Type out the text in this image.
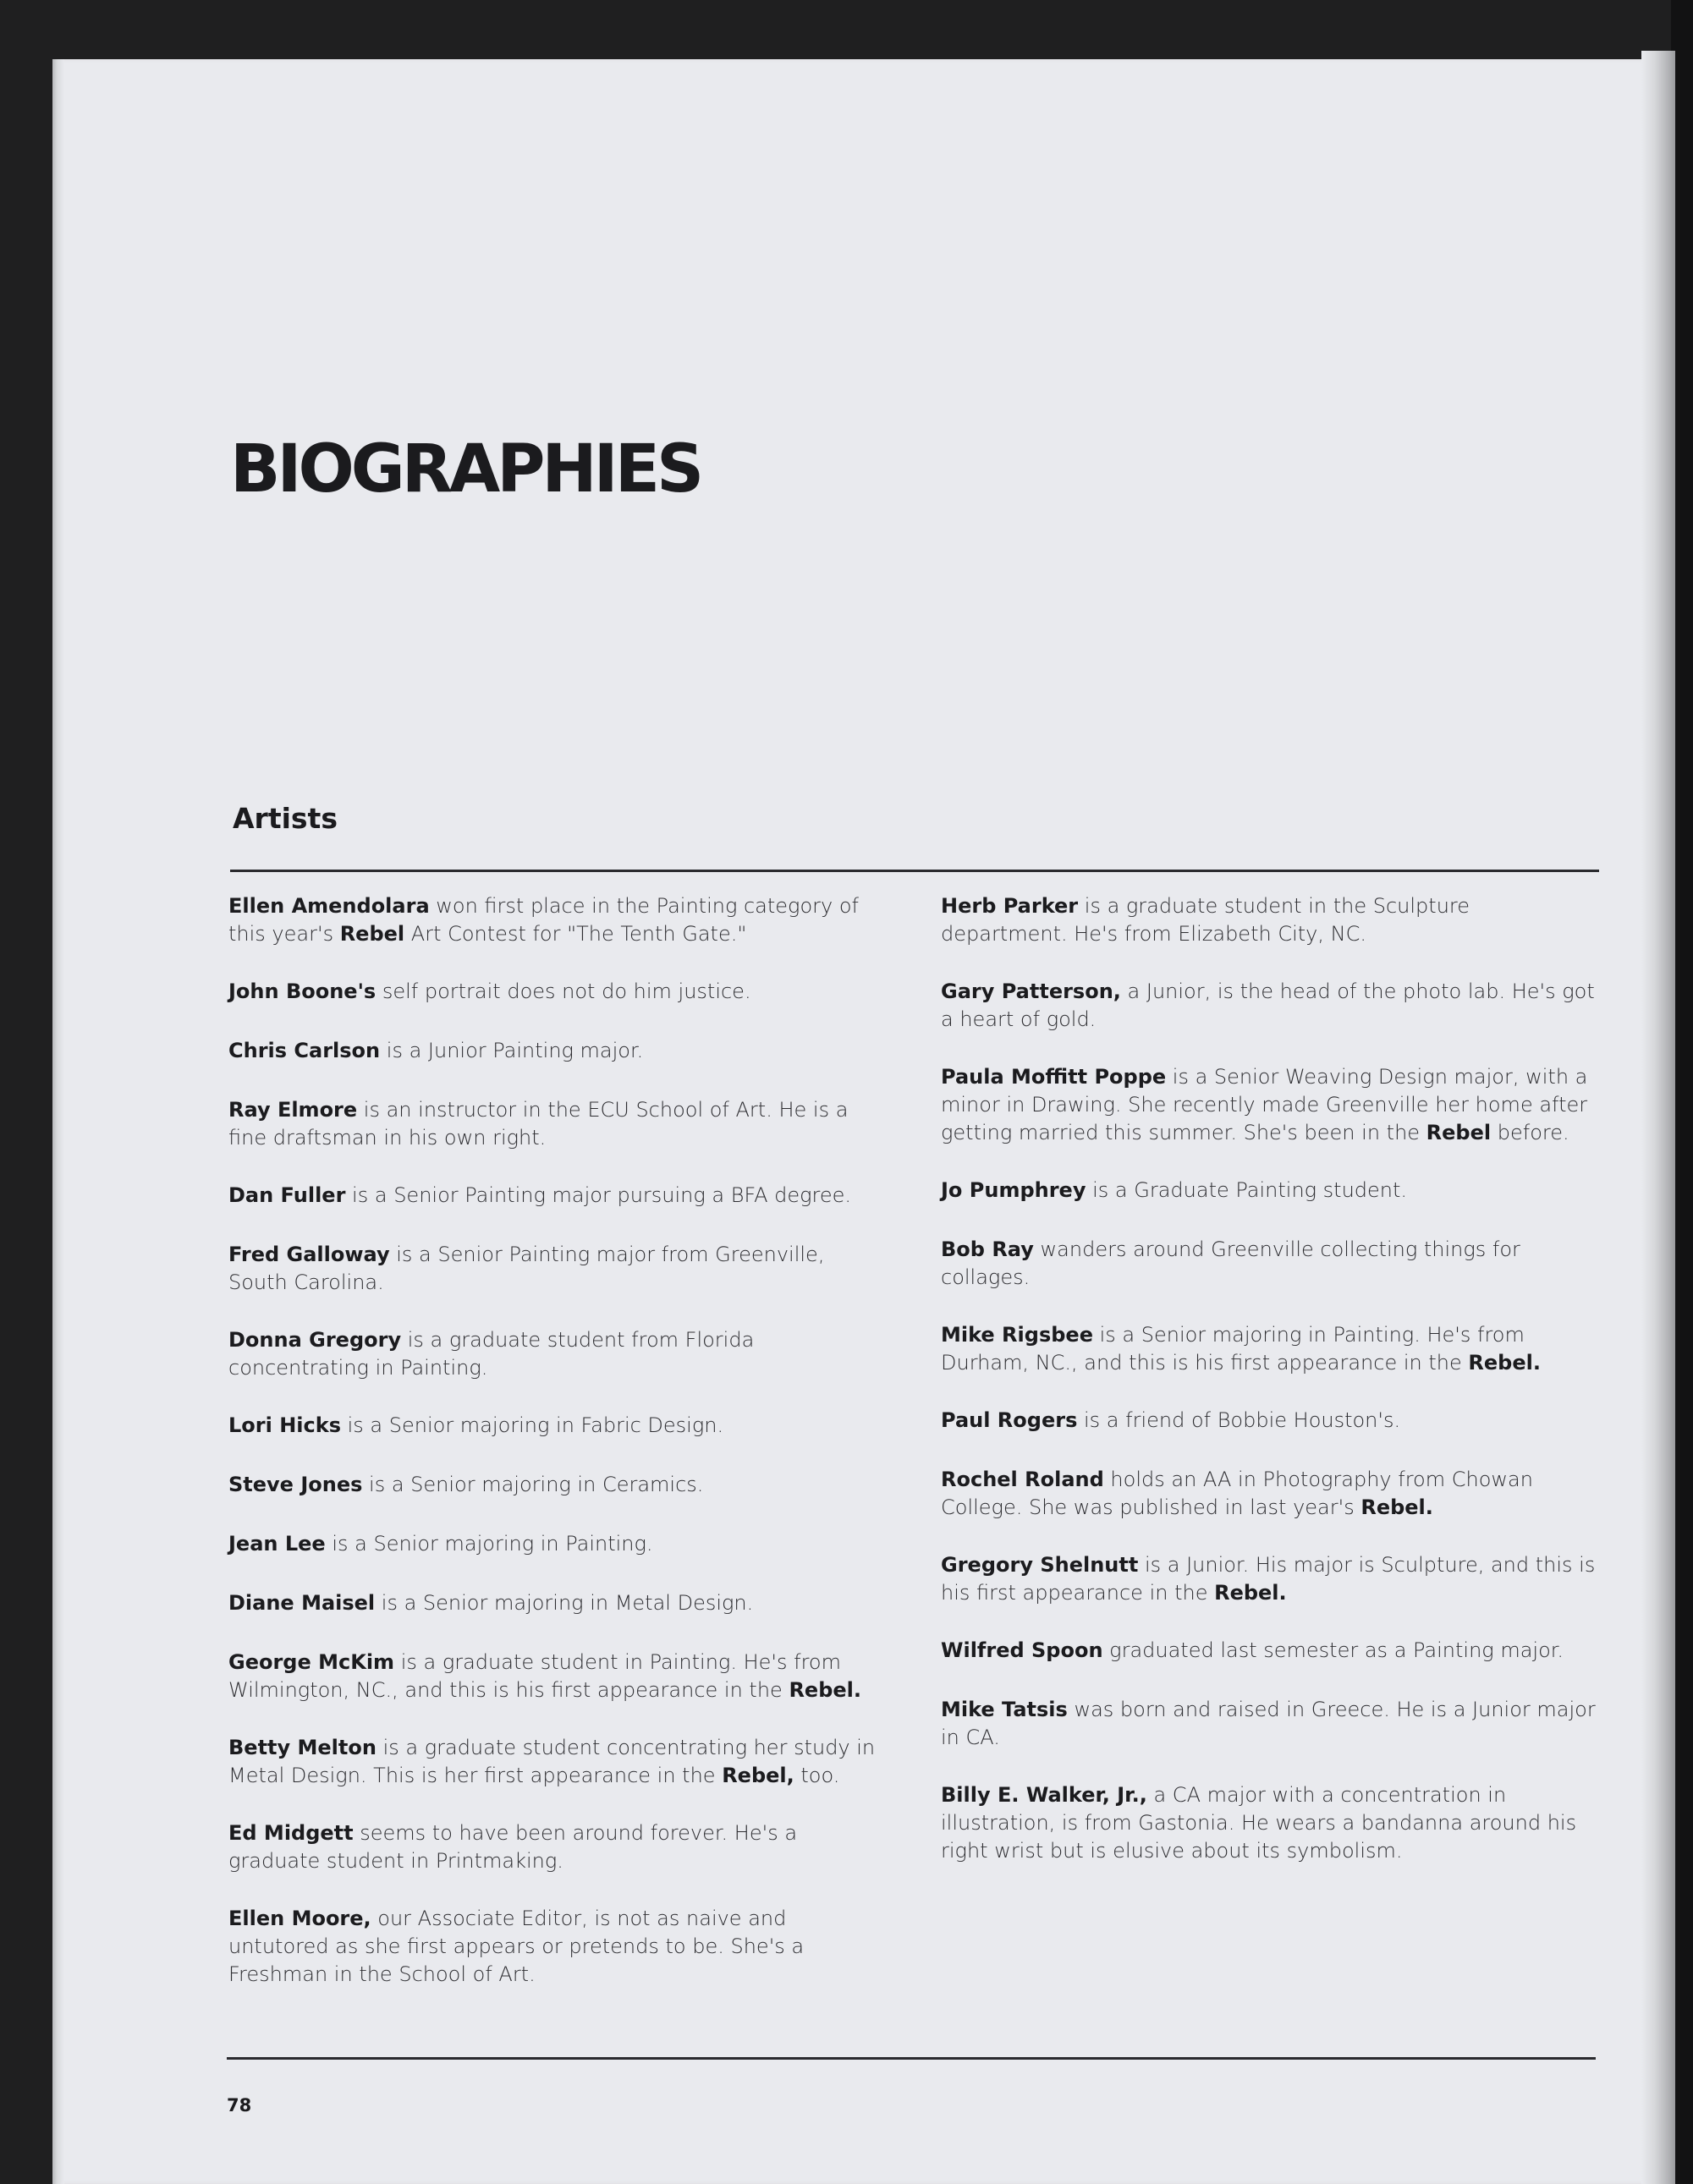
BIOGRAPHIES
Artists

Ellen Amendolara won first place in the Painting category of this year's Rebel Art Contest for "The Tenth Gate."

John Boone's self portrait does not do him justice.

Chris Carlson is a Junior Painting major.

Ray Elmore is an instructor in the ECU School of Art. He is a fine draftsman in his own right.

Dan Fuller is a Senior Painting major pursuing a BFA degree.

Fred Galloway is a Senior Painting major from Greenville, South Carolina.

Donna Gregory is a graduate student from Florida concentrating in Painting.

Lori Hicks is a Senior majoring in Fabric Design.

Steve Jones is a Senior majoring in Ceramics.

Jean Lee is a Senior majoring in Painting.

Diane Maisel is a Senior majoring in Metal Design.

George McKim is a graduate student in Painting. He's from Wilmington, NC., and this is his first appearance in the Rebel.

Betty Melton is a graduate student concentrating her study in Metal Design. This is her first appearance in the Rebel, too.

Ed Midgett seems to have been around forever. He's a graduate student in Printmaking.

Ellen Moore, our Associate Editor, is not as naive and untutored as she first appears or pretends to be. She's a Freshman in the School of Art.

Herb Parker is a graduate student in the Sculpture department. He's from Elizabeth City, NC.

Gary Patterson, a Junior, is the head of the photo lab. He's got a heart of gold.

Paula Moffitt Poppe is a Senior Weaving Design major, with a minor in Drawing. She recently made Greenville her home after getting married this summer. She's been in the Rebel before.

Jo Pumphrey is a Graduate Painting student.

Bob Ray wanders around Greenville collecting things for collages.

Mike Rigsbee is a Senior majoring in Painting. He's from Durham, NC., and this is his first appearance in the Rebel.

Paul Rogers is a friend of Bobbie Houston's.

Rochel Roland holds an AA in Photography from Chowan College. She was published in last year's Rebel.

Gregory Shelnutt is a Junior. His major is Sculpture, and this is his first appearance in the Rebel.

Wilfred Spoon graduated last semester as a Painting major.

Mike Tatsis was born and raised in Greece. He is a Junior major in CA.

Billy E. Walker, Jr., a CA major with a concentration in illustration, is from Gastonia. He wears a bandanna around his right wrist but is elusive about its symbolism.

78
